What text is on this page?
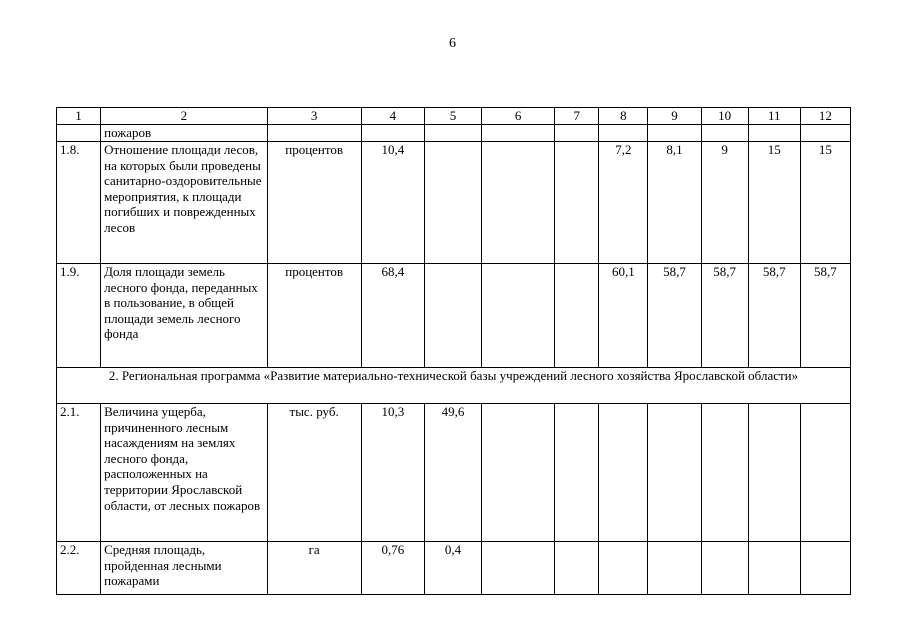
6
1	2	3	4	5	6	7	8	9	10	11	12
	пожаров										
1.8.	Отношение площади лесов, на которых были проведены санитарно-оздоровительные мероприятия, к площади погибших и поврежденных лесов	процентов	10,4				7,2	8,1	9	15	15
1.9.	Доля площади земель лесного фонда, переданных в пользование, в общей площади земель лесного фонда	процентов	68,4				60,1	58,7	58,7	58,7	58,7
2. Региональная программа «Развитие материально-технической базы учреждений лесного хозяйства Ярославской области»											
2.1.	Величина ущерба, причиненного лесным насаждениям на землях лесного фонда, расположенных на территории Ярославской области, от лесных пожаров	тыс. руб.	10,3	49,6							
2.2.	Средняя площадь, пройденная лесными пожарами	га	0,76	0,4							
